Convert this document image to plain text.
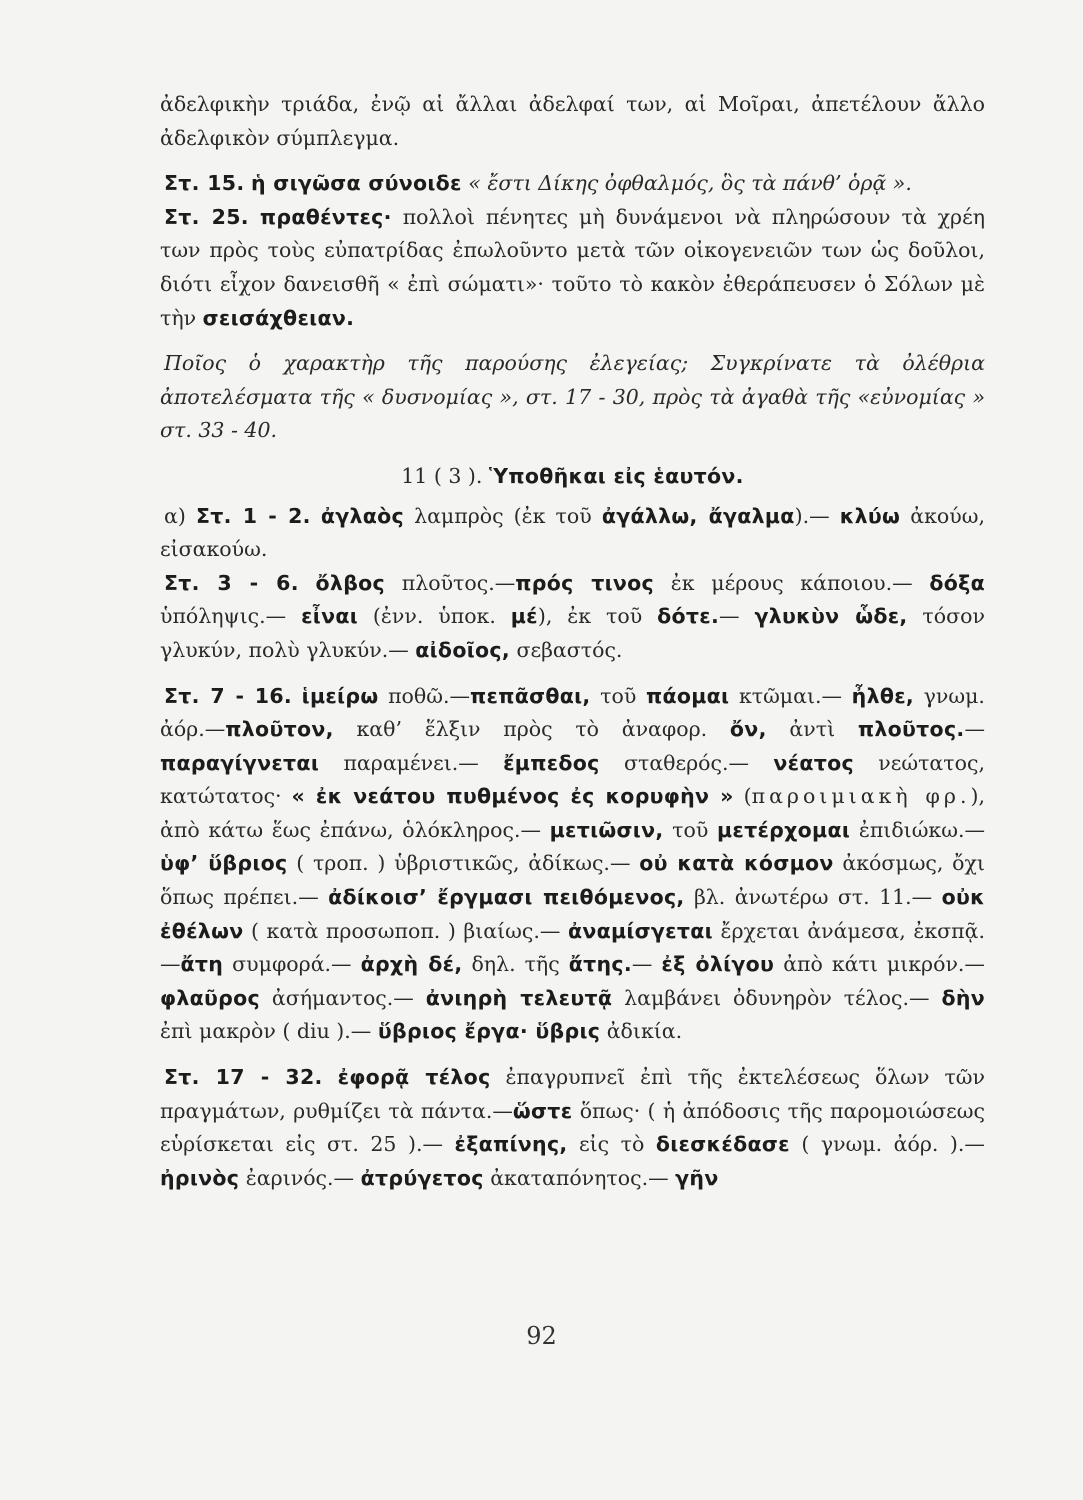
ἀδελφικὴν τριάδα, ἐνῷ αἱ ἄλλαι ἀδελφαί των, αἱ Μοῖραι, ἀπετέλουν ἄλλο ἀδελφικὸν σύμπλεγμα.

Στ. 15. ἡ σιγῶσα σύνοιδε « ἔστι Δίκης ὀφθαλμός, ὃς τὰ πάνθ’ ὁρᾷ ».

Στ. 25. πραθέντες· πολλοὶ πένητες μὴ δυνάμενοι νὰ πληρώσουν τὰ χρέη των πρὸς τοὺς εὐπατρίδας ἐπωλοῦντο μετὰ τῶν οἰκογενειῶν των ὡς δοῦλοι, διότι εἶχον δανεισθῆ « ἐπὶ σώματι»· τοῦτο τὸ κακὸν ἐθεράπευσεν ὁ Σόλων μὲ τὴν σεισάχθειαν.

Ποῖος ὁ χαρακτὴρ τῆς παρούσης ἐλεγείας; Συγκρίνατε τὰ ὀλέθρια ἀποτελέσματα τῆς « δυσνομίας », στ. 17 - 30, πρὸς τὰ ἀγαθὰ τῆς «εὐνομίας » στ. 33 - 40.

11 ( 3 ). Ὑποθῆκαι εἰς ἑαυτόν.

α) Στ. 1 - 2. ἀγλαὸς λαμπρὸς (ἐκ τοῦ ἀγάλλω, ἄγαλμα).— κλύω ἀκούω, εἰσακούω.

Στ. 3 - 6. ὄλβος πλοῦτος.—πρός τινος ἐκ μέρους κάποιου.— δόξα ὑπόληψις.— εἶναι (ἐνν. ὑποκ. μέ), ἐκ τοῦ δότε.— γλυκὺν ὧδε, τόσον γλυκύν, πολὺ γλυκύν.— αἰδοῖος, σεβαστός.

Στ. 7 - 16. ἱμείρω ποθῶ.—πεπᾶσθαι, τοῦ πάομαι κτῶμαι.— ἦλθε, γνωμ. ἀόρ.—πλοῦτον, καθ’ ἕλξιν πρὸς τὸ ἀναφορ. ὄν, ἀντὶ πλοῦτος.— παραγίγνεται παραμένει.— ἔμπεδος σταθερός.— νέατος νεώτατος, κατώτατος· « ἐκ νεάτου πυθμένος ἐς κορυφὴν » (παροιμιακὴ φρ.), ἀπὸ κάτω ἕως ἐπάνω, ὁλόκληρος.— μετιῶσιν, τοῦ μετέρχομαι ἐπιδιώκω.— ὑφ’ ὕβριος ( τροπ. ) ὑβριστικῶς, ἀδίκως.— οὐ κατὰ κόσμον ἀκόσμως, ὄχι ὅπως πρέπει.— ἀδίκοισ’ ἔργμασι πειθόμενος, βλ. ἀνωτέρω στ. 11.— οὐκ ἐθέλων ( κατὰ προσωποπ. ) βιαίως.— ἀναμίσγεται ἔρχεται ἀνάμεσα, ἐκσπᾷ.—ἄτη συμφορά.— ἀρχὴ δέ, δηλ. τῆς ἄτης.— ἐξ ὀλίγου ἀπὸ κάτι μικρόν.—φλαῦρος ἀσήμαντος.— ἀνιηρὴ τελευτᾷ λαμβάνει ὀδυνηρὸν τέλος.— δὴν ἐπὶ μακρὸν ( diu ).— ὕβριος ἔργα· ὕβρις ἀδικία.

Στ. 17 - 32. ἐφορᾷ τέλος ἐπαγρυπνεῖ ἐπὶ τῆς ἐκτελέσεως ὅλων τῶν πραγμάτων, ρυθμίζει τὰ πάντα.—ὥστε ὅπως· ( ἡ ἀπόδοσις τῆς παρομοιώσεως εὑρίσκεται εἰς στ. 25 ).— ἐξαπίνης, εἰς τὸ διεσκέδασε ( γνωμ. ἀόρ. ).— ἠρινὸς ἐαρινός.— ἀτρύγετος ἀκαταπόνητος.— γῆν

92
